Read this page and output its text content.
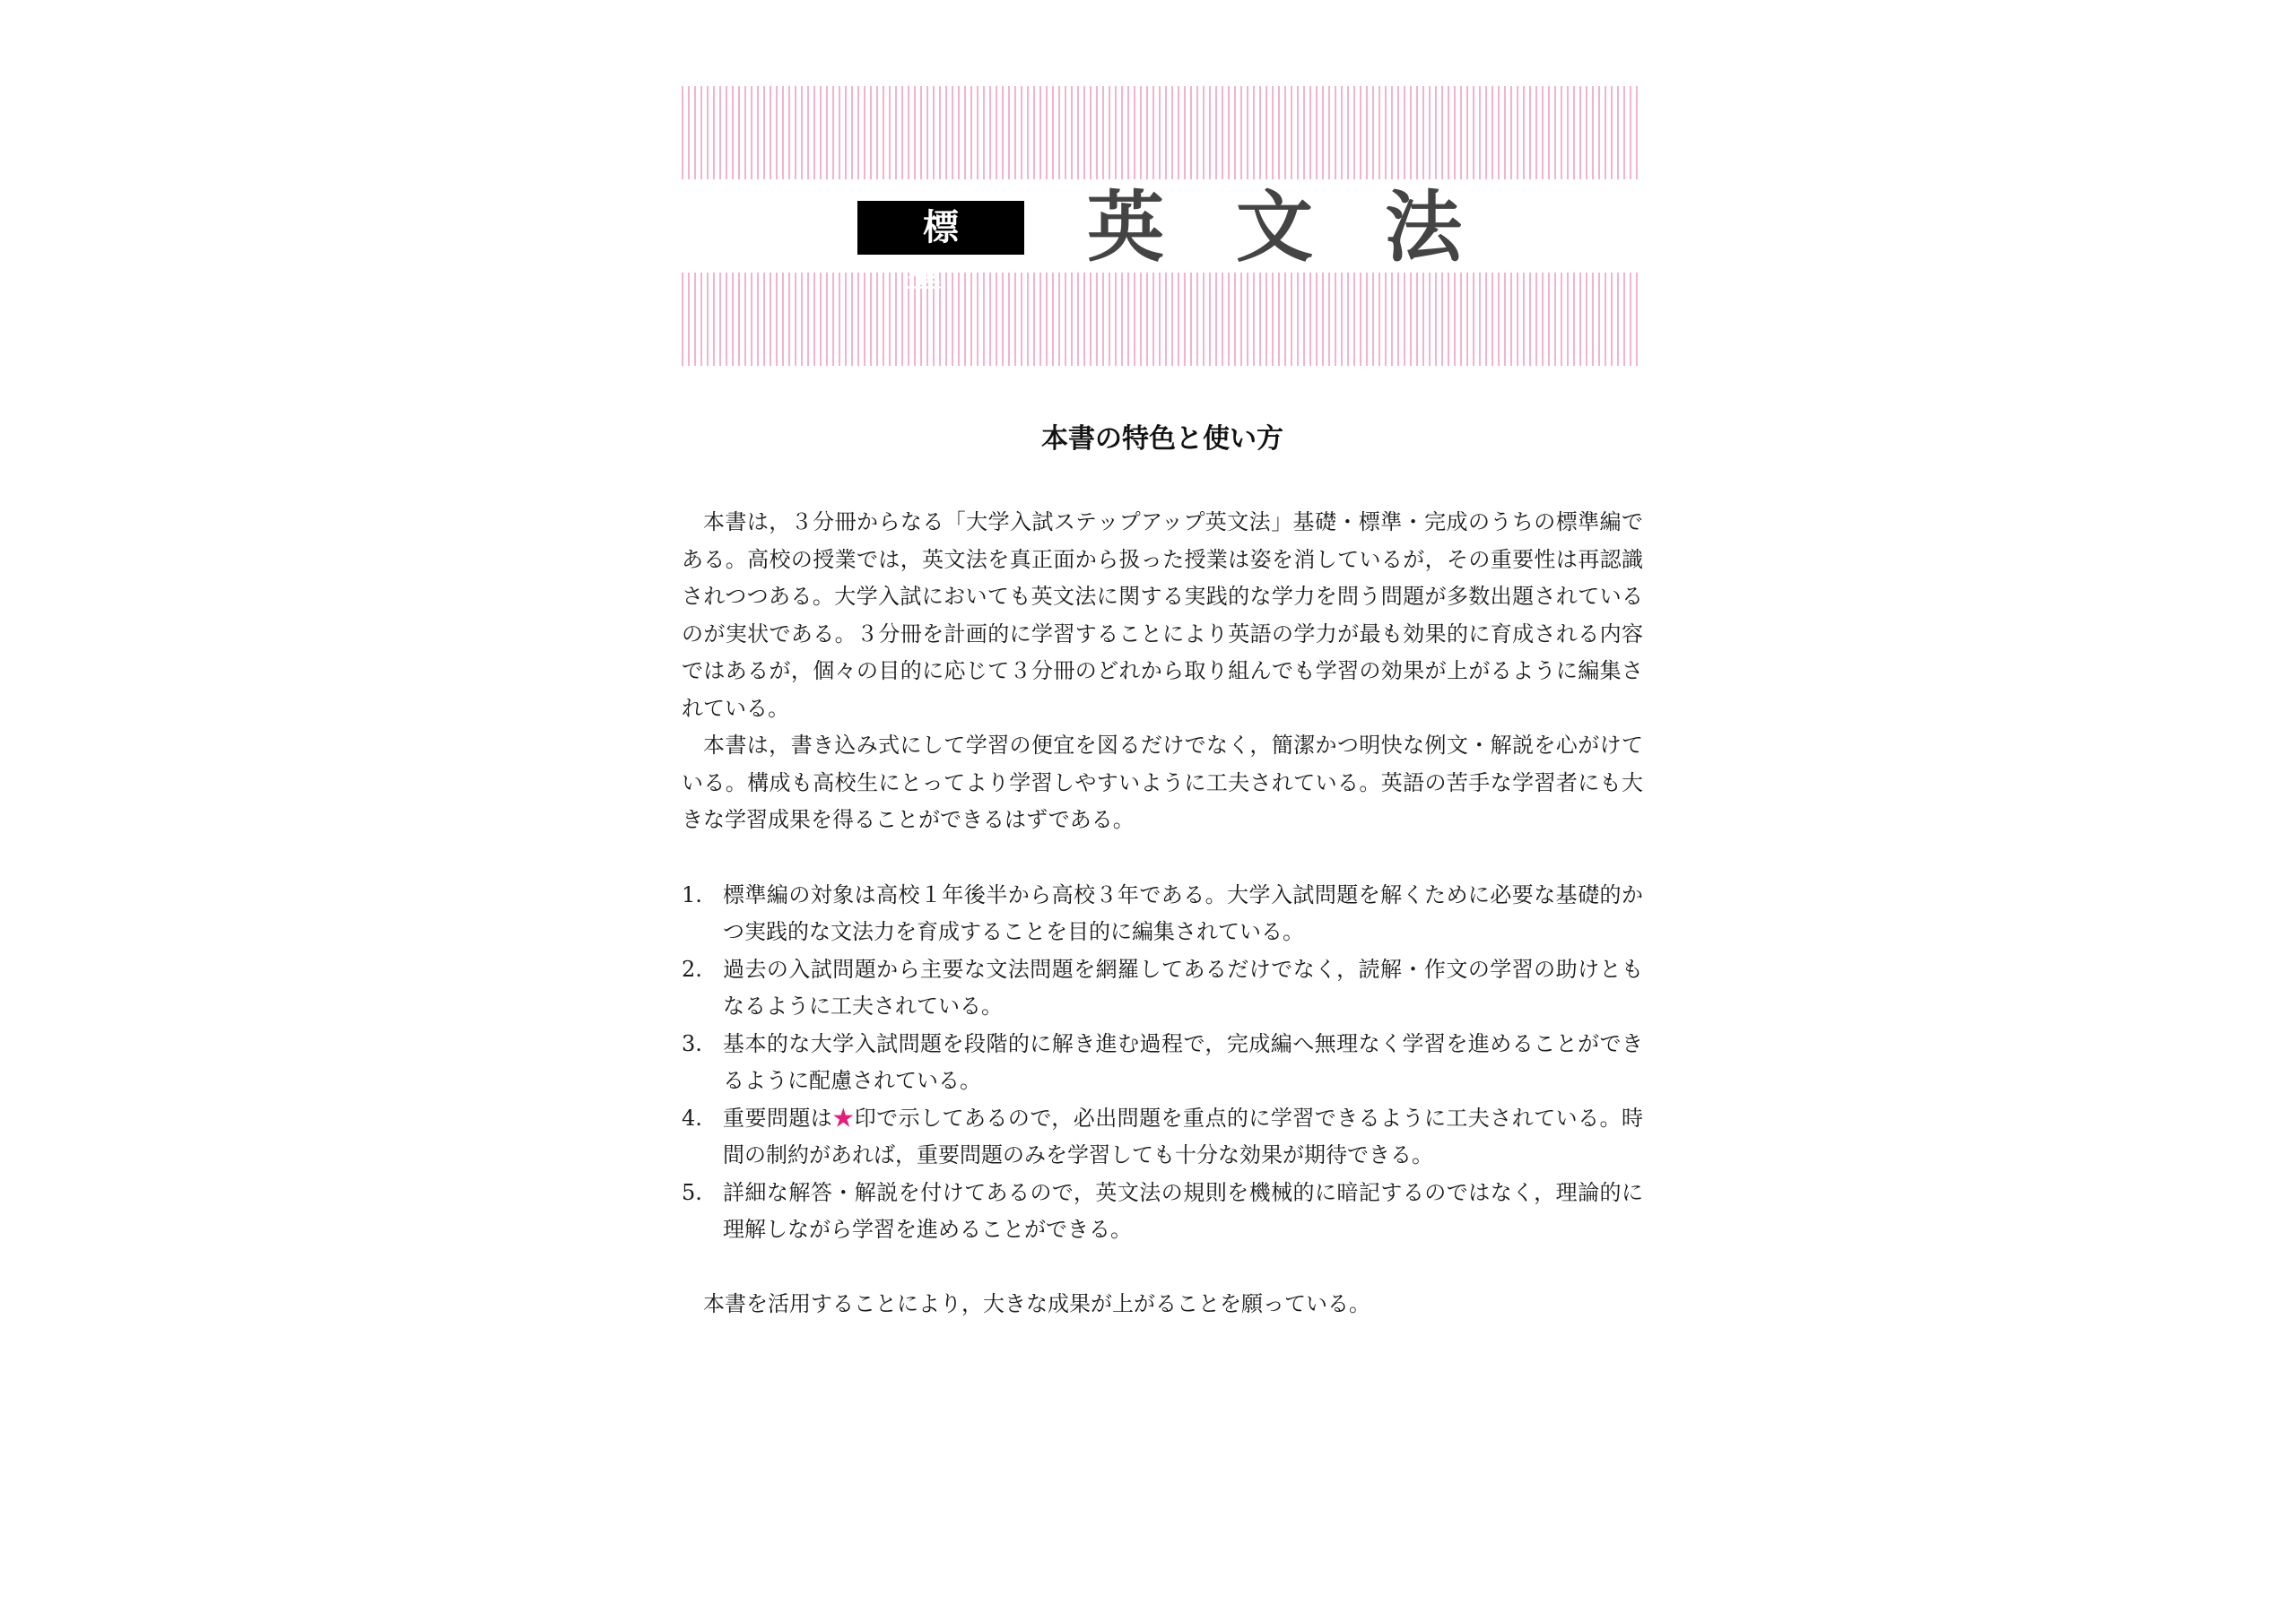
標準
英文法
本書の特色と使い方

本書は，３分冊からなる「大学入試ステップアップ英文法」基礎・標準・完成のうちの標準編である。高校の授業では，英文法を真正面から扱った授業は姿を消しているが，その重要性は再認識されつつある。大学入試においても英文法に関する実践的な学力を問う問題が多数出題されているのが実状である。３分冊を計画的に学習することにより英語の学力が最も効果的に育成される内容ではあるが，個々の目的に応じて３分冊のどれから取り組んでも学習の効果が上がるように編集されている。

本書は，書き込み式にして学習の便宜を図るだけでなく，簡潔かつ明快な例文・解説を心がけている。構成も高校生にとってより学習しやすいように工夫されている。英語の苦手な学習者にも大きな学習成果を得ることができるはずである。

1. 標準編の対象は高校１年後半から高校３年である。大学入試問題を解くために必要な基礎的かつ実践的な文法力を育成することを目的に編集されている。
2. 過去の入試問題から主要な文法問題を網羅してあるだけでなく，読解・作文の学習の助けともなるように工夫されている。
3. 基本的な大学入試問題を段階的に解き進む過程で，完成編へ無理なく学習を進めることができるように配慮されている。
4. 重要問題は★印で示してあるので，必出問題を重点的に学習できるように工夫されている。時間の制約があれば，重要問題のみを学習しても十分な効果が期待できる。
5. 詳細な解答・解説を付けてあるので，英文法の規則を機械的に暗記するのではなく，理論的に理解しながら学習を進めることができる。
本書を活用することにより，大きな成果が上がることを願っている。
